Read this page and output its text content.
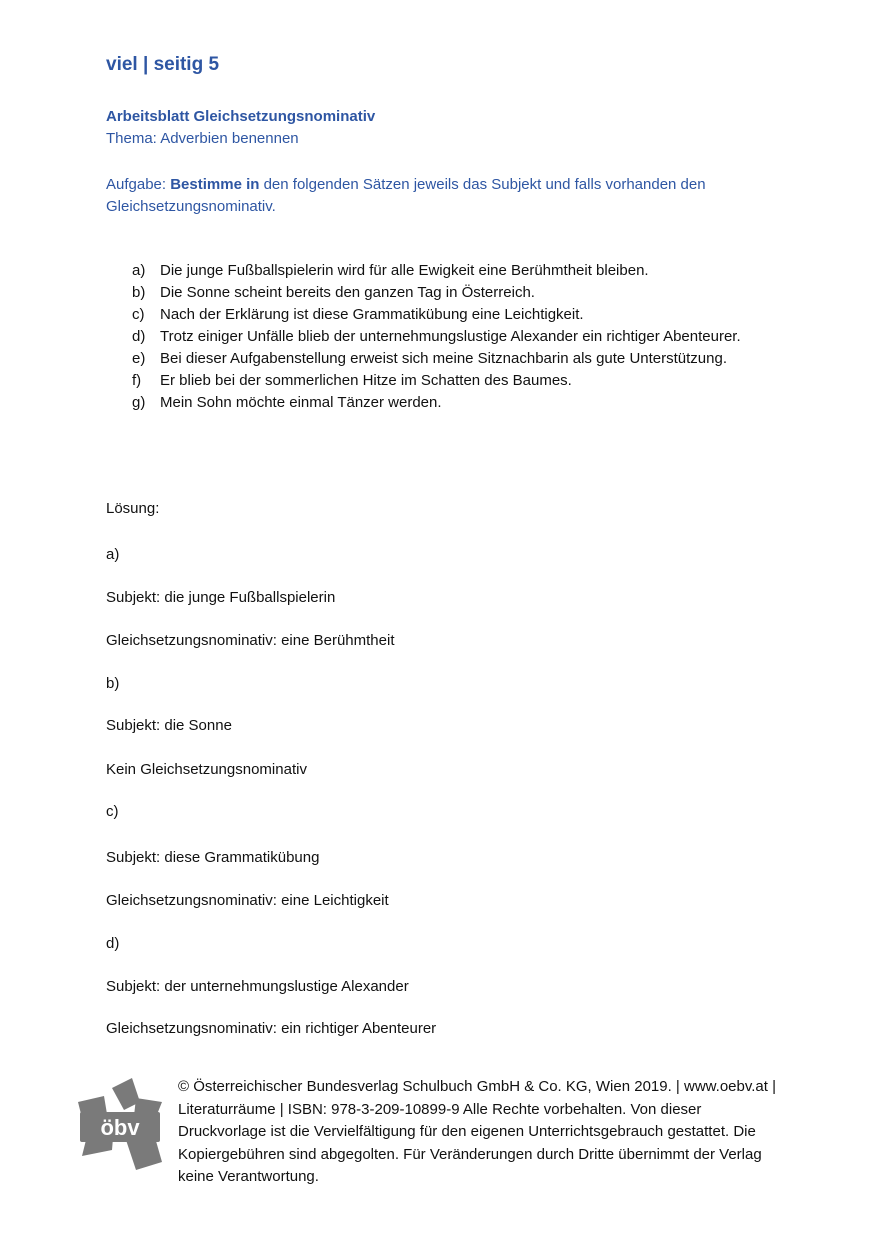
viel | seitig 5
Arbeitsblatt Gleichsetzungsnominativ
Thema: Adverbien benennen
Aufgabe: Bestimme in den folgenden Sätzen jeweils das Subjekt und falls vorhanden den Gleichsetzungsnominativ.
a) Die junge Fußballspielerin wird für alle Ewigkeit eine Berühmtheit bleiben.
b) Die Sonne scheint bereits den ganzen Tag in Österreich.
c)	Nach der Erklärung ist diese Grammatikübung eine Leichtigkeit.
d) Trotz einiger Unfälle blieb der unternehmungslustige Alexander ein richtiger Abenteurer.
e) Bei dieser Aufgabenstellung erweist sich meine Sitznachbarin als gute Unterstützung.
f)	Er blieb bei der sommerlichen Hitze im Schatten des Baumes.
g) Mein Sohn möchte einmal Tänzer werden.
Lösung:
a)
Subjekt: die junge Fußballspielerin
Gleichsetzungsnominativ: eine Berühmtheit
b)
Subjekt: die Sonne
Kein Gleichsetzungsnominativ
c)
Subjekt: diese Grammatikübung
Gleichsetzungsnominativ: eine Leichtigkeit
d)
Subjekt: der unternehmungslustige Alexander
Gleichsetzungsnominativ: ein richtiger Abenteurer
öbv
© Österreichischer Bundesverlag Schulbuch GmbH & Co. KG, Wien 2019. | www.oebv.at | Literaturräume | ISBN: 978-3-209-10899-9 Alle Rechte vorbehalten. Von dieser Druckvorlage ist die Vervielfältigung für den eigenen Unterrichtsgebrauch gestattet. Die Kopiergebühren sind abgegolten. Für Veränderungen durch Dritte übernimmt der Verlag keine Verantwortung.
